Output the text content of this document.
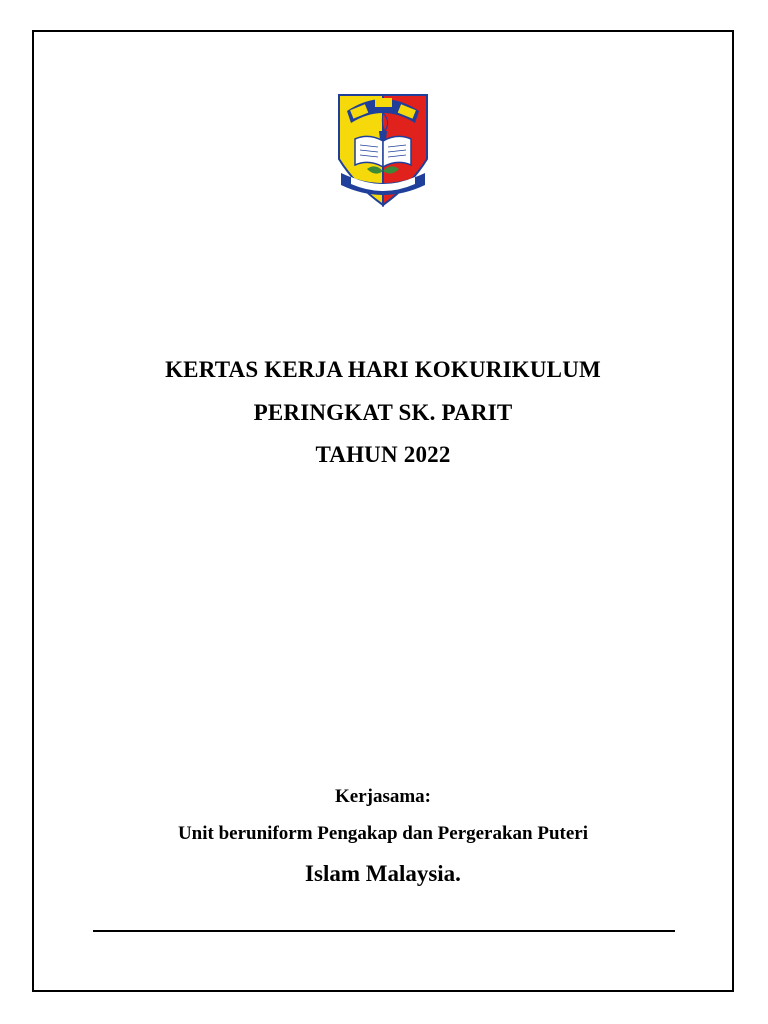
KERTAS KERJA HARI KOKURIKULUM
PERINGKAT SK. PARIT
TAHUN 2022
Kerjasama:
Unit beruniform Pengakap dan Pergerakan Puteri
Islam Malaysia.
